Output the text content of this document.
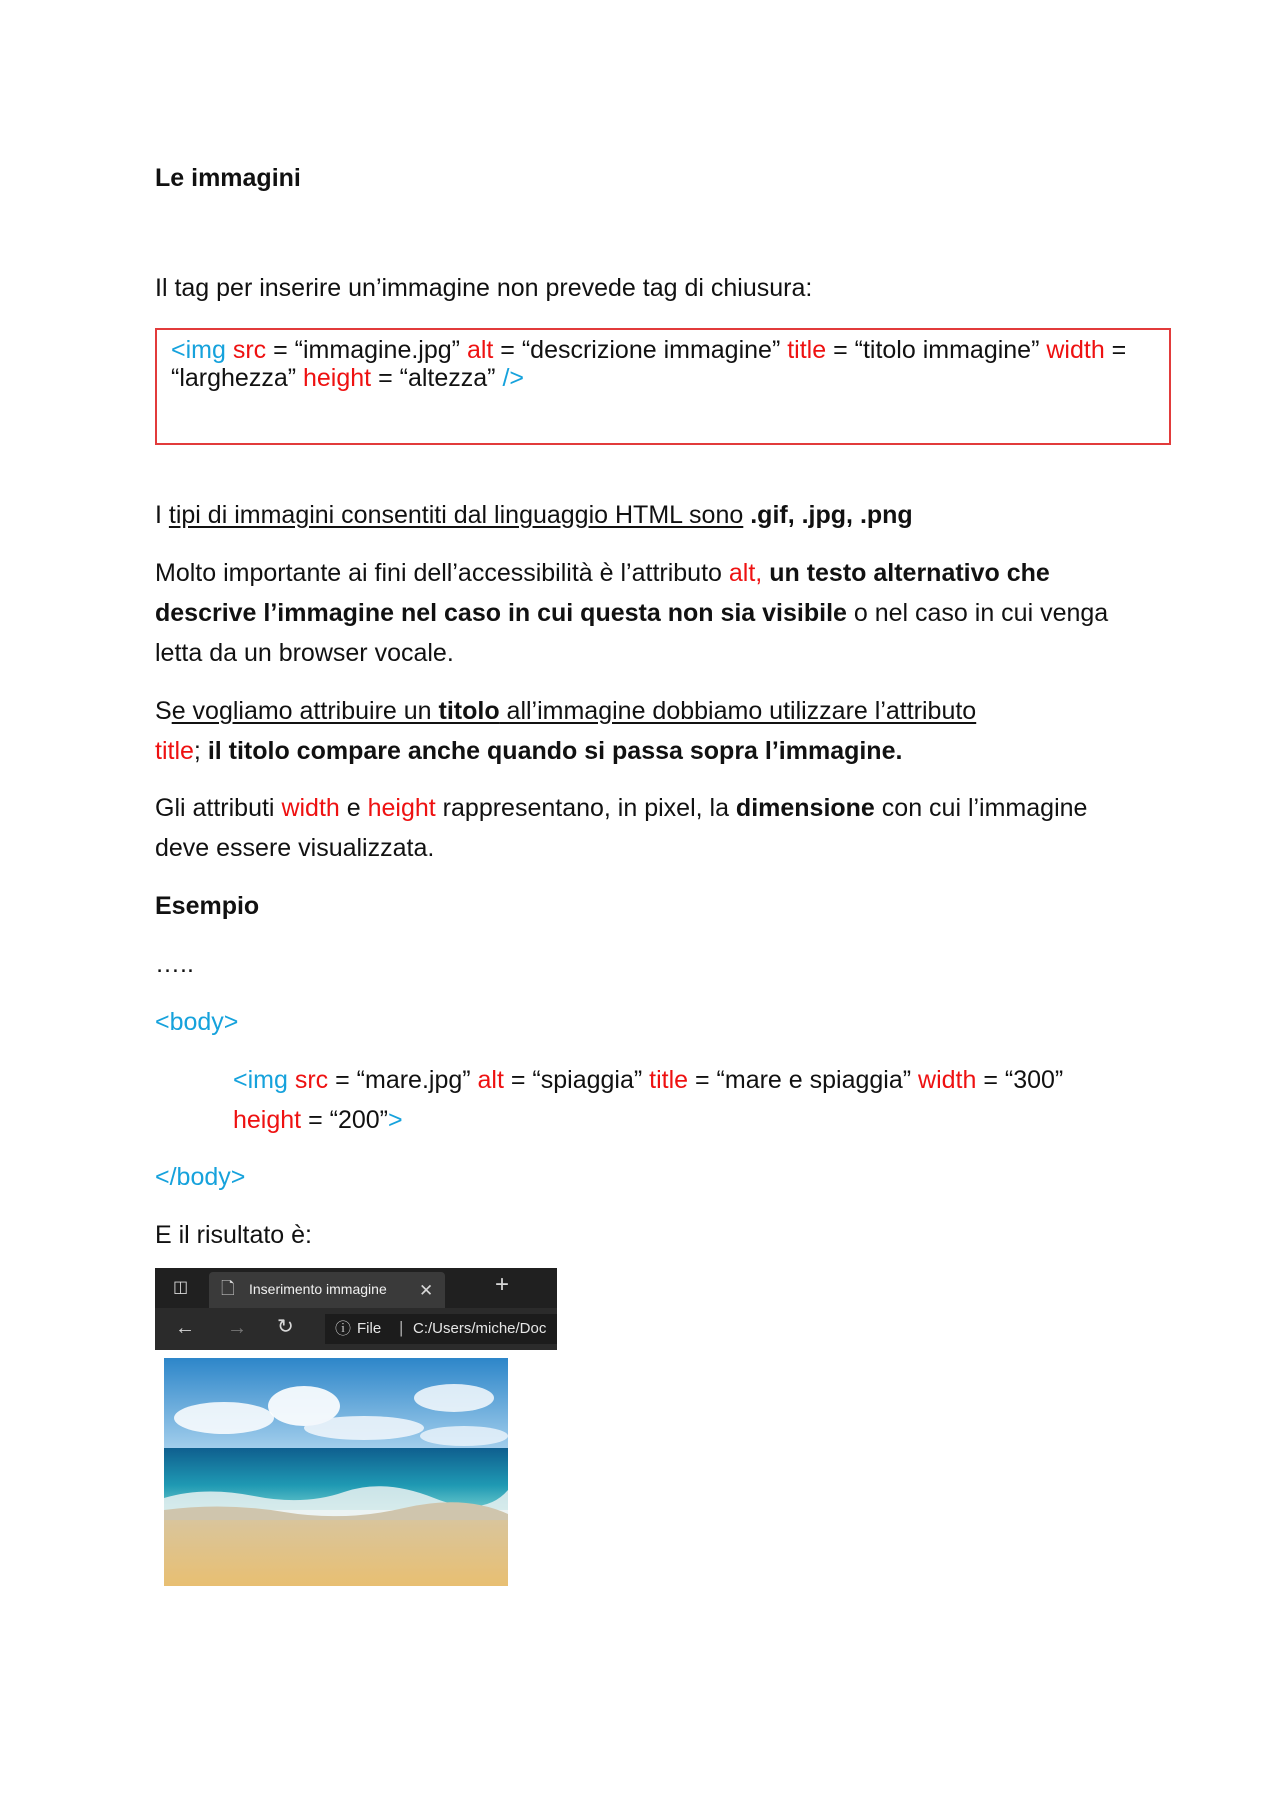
Le immagini
Il tag per inserire un’immagine non prevede tag di chiusura:
<img src = “immagine.jpg” alt = “descrizione immagine” title = “titolo immagine” width = “larghezza” height = “altezza” />
I tipi di immagini consentiti dal linguaggio HTML sono .gif, .jpg, .png
Molto importante ai fini dell’accessibilità è l’attributo alt, un testo alternativo che descrive l’immagine nel caso in cui questa non sia visibile o nel caso in cui venga letta da un browser vocale.
Se vogliamo attribuire un titolo all’immagine dobbiamo utilizzare l’attributo
title; il titolo compare anche quando si passa sopra l’immagine.
Gli attributi width e height rappresentano, in pixel, la dimensione con cui l’immagine deve essere visualizzata.
Esempio
…..
<body>
<img src = “mare.jpg” alt = “spiaggia” title = “mare e spiaggia” width = “300” height = “200”>
</body>
E il risultato è:
◫ 🗋 Inserimento immagine ✕	+
← → ↻	ⓘ File | C:/Users/miche/Doc
